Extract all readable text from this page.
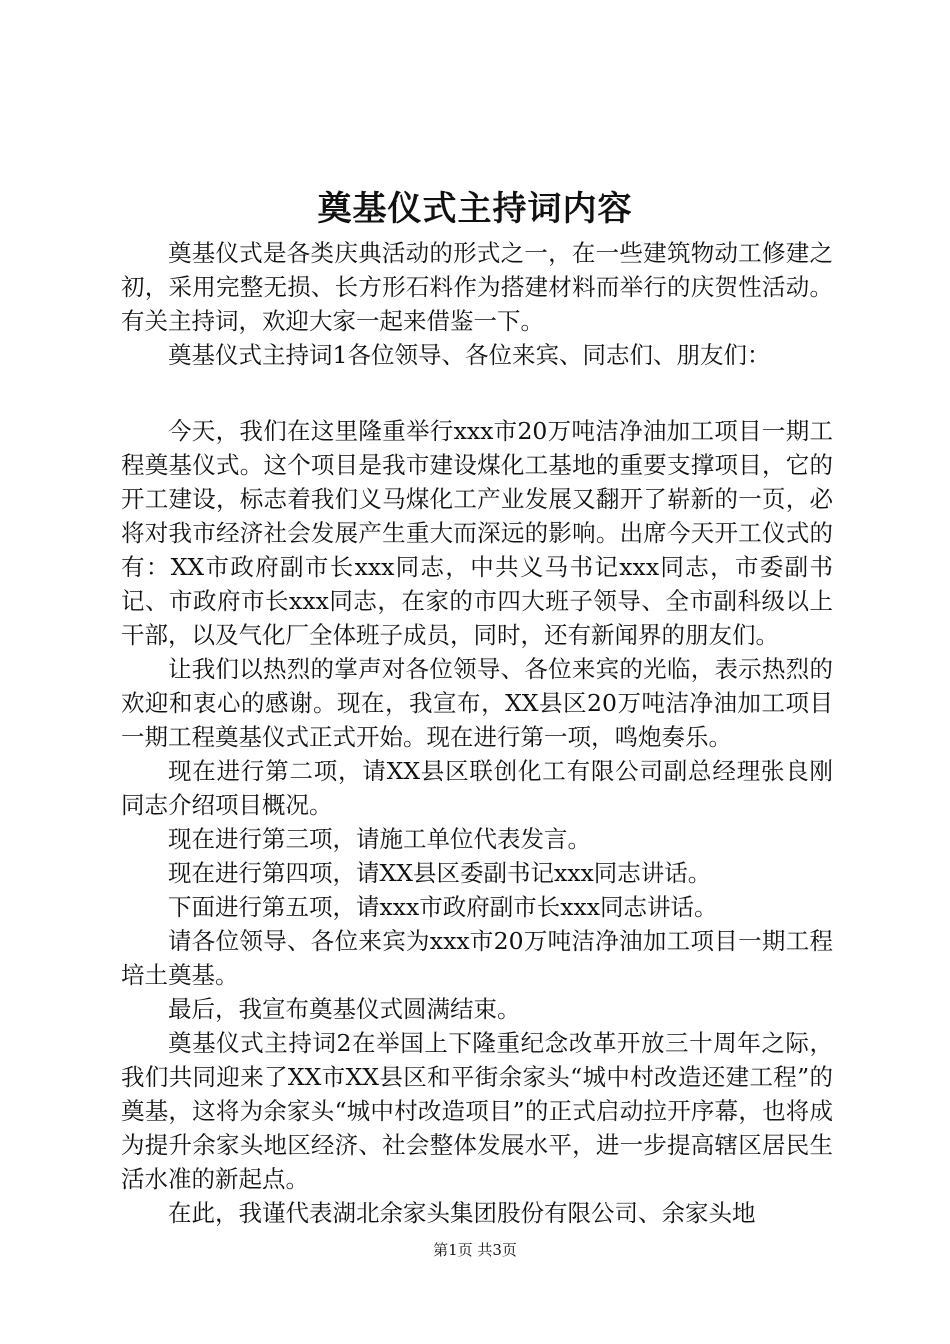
奠基仪式主持词内容

奠基仪式是各类庆典活动的形式之一，在一些建筑物动工修建之初，采用完整无损、长方形石料作为搭建材料而举行的庆贺性活动。有关主持词，欢迎大家一起来借鉴一下。

奠基仪式主持词1各位领导、各位来宾、同志们、朋友们：

今天，我们在这里隆重举行xxx市20万吨洁净油加工项目一期工程奠基仪式。这个项目是我市建设煤化工基地的重要支撑项目，它的开工建设，标志着我们义马煤化工产业发展又翻开了崭新的一页，必将对我市经济社会发展产生重大而深远的影响。出席今天开工仪式的有：XX市政府副市长xxx同志，中共义马书记xxx同志，市委副书记、市政府市长xxx同志，在家的市四大班子领导、全市副科级以上干部，以及气化厂全体班子成员，同时，还有新闻界的朋友们。

让我们以热烈的掌声对各位领导、各位来宾的光临，表示热烈的欢迎和衷心的感谢。现在，我宣布，XX县区20万吨洁净油加工项目一期工程奠基仪式正式开始。现在进行第一项，鸣炮奏乐。

现在进行第二项，请XX县区联创化工有限公司副总经理张良刚同志介绍项目概况。

现在进行第三项，请施工单位代表发言。

现在进行第四项，请XX县区委副书记xxx同志讲话。

下面进行第五项，请xxx市政府副市长xxx同志讲话。

请各位领导、各位来宾为xxx市20万吨洁净油加工项目一期工程培土奠基。

最后，我宣布奠基仪式圆满结束。

奠基仪式主持词2在举国上下隆重纪念改革开放三十周年之际，我们共同迎来了XX市XX县区和平街余家头“城中村改造还建工程”的奠基，这将为余家头“城中村改造项目”的正式启动拉开序幕，也将成为提升余家头地区经济、社会整体发展水平，进一步提高辖区居民生活水准的新起点。

在此，我谨代表湖北余家头集团股份有限公司、余家头地

第1页 共3页
